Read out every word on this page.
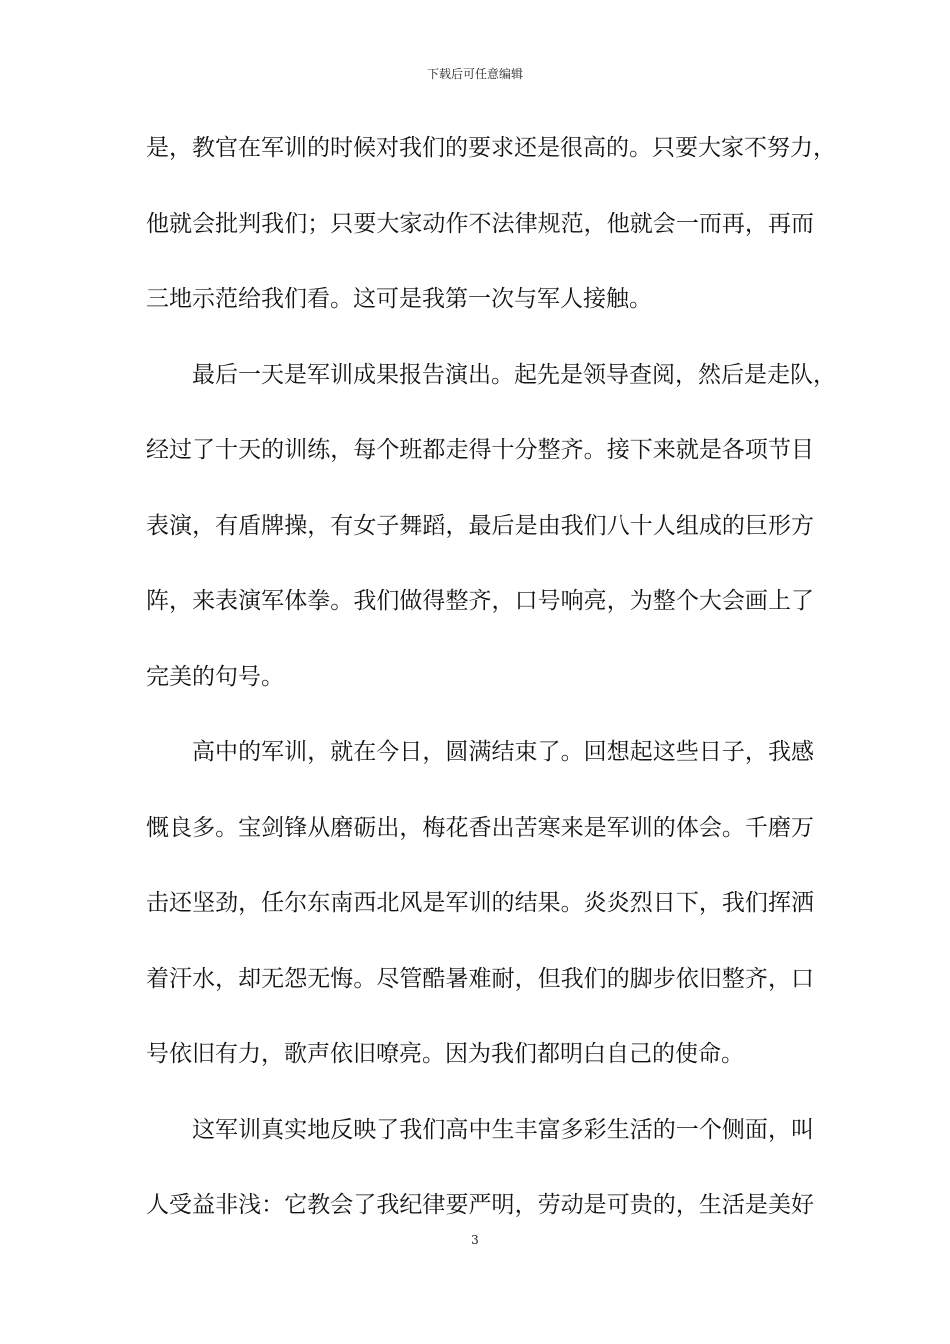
下载后可任意编辑
是，教官在军训的时候对我们的要求还是很高的。只要大家不努力，
他就会批判我们；只要大家动作不法律规范，他就会一而再，再而
三地示范给我们看。这可是我第一次与军人接触。
最后一天是军训成果报告演出。起先是领导查阅，然后是走队，
经过了十天的训练，每个班都走得十分整齐。接下来就是各项节目
表演，有盾牌操，有女子舞蹈，最后是由我们八十人组成的巨形方
阵，来表演军体拳。我们做得整齐，口号响亮，为整个大会画上了
完美的句号。
高中的军训，就在今日，圆满结束了。回想起这些日子，我感
慨良多。宝剑锋从磨砺出，梅花香出苦寒来是军训的体会。千磨万
击还坚劲，任尔东南西北风是军训的结果。炎炎烈日下，我们挥洒
着汗水，却无怨无悔。尽管酷暑难耐，但我们的脚步依旧整齐，口
号依旧有力，歌声依旧嘹亮。因为我们都明白自己的使命。
这军训真实地反映了我们高中生丰富多彩生活的一个侧面，叫
人受益非浅：它教会了我纪律要严明，劳动是可贵的，生活是美好
3
